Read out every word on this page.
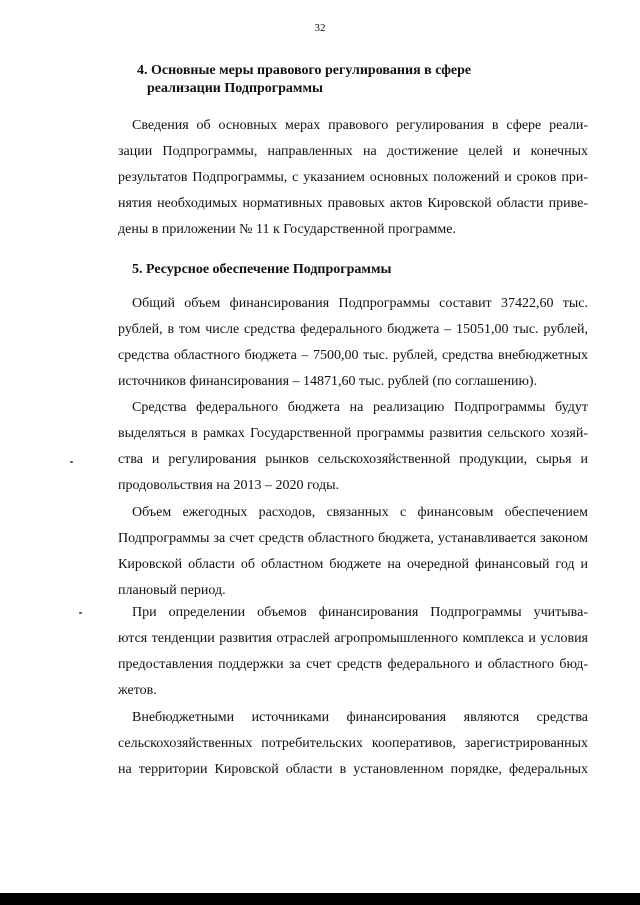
32
4. Основные меры правового регулирования в сфере
реализации Подпрограммы
Сведения об основных мерах правового регулирования в сфере реали-
зации Подпрограммы, направленных на достижение целей и конечных
результатов Подпрограммы, с указанием основных положений и сроков при-
нятия необходимых нормативных правовых актов Кировской области приве-
дены в приложении № 11 к Государственной программе.
5. Ресурсное обеспечение Подпрограммы
Общий объем финансирования Подпрограммы составит 37422,60 тыс.
рублей, в том числе средства федерального бюджета – 15051,00 тыс. рублей,
средства областного бюджета – 7500,00 тыс. рублей, средства внебюджетных
источников финансирования – 14871,60 тыс. рублей (по соглашению).
Средства федерального бюджета на реализацию Подпрограммы будут
выделяться в рамках Государственной программы развития сельского хозяй-
ства и регулирования рынков сельскохозяйственной продукции, сырья и
продовольствия на 2013 – 2020 годы.
Объем ежегодных расходов, связанных с финансовым обеспечением
Подпрограммы за счет средств областного бюджета, устанавливается законом
Кировской области об областном бюджете на очередной финансовый год и
плановый период.
При определении объемов финансирования Подпрограммы учитыва-
ются тенденции развития отраслей агропромышленного комплекса и условия
предоставления поддержки за счет средств федерального и областного бюд-
жетов.
Внебюджетными источниками финансирования являются средства
сельскохозяйственных потребительских кооперативов, зарегистрированных
на территории Кировской области в установленном порядке, федеральных
